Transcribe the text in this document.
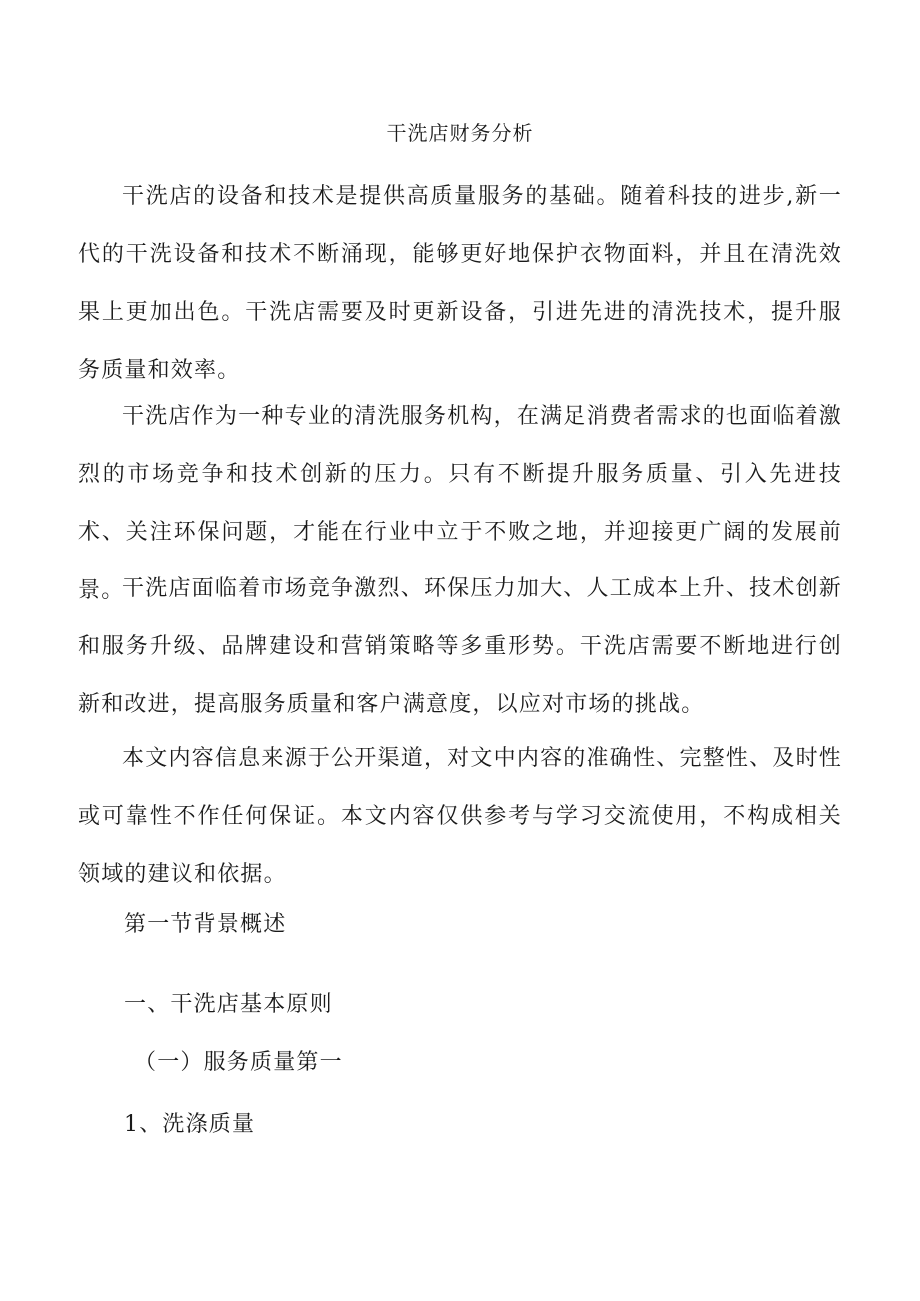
干洗店财务分析

干洗店的设备和技术是提供高质量服务的基础。随着科技的进步,新一代的干洗设备和技术不断涌现，能够更好地保护衣物面料，并且在清洗效果上更加出色。干洗店需要及时更新设备，引进先进的清洗技术，提升服务质量和效率。

干洗店作为一种专业的清洗服务机构，在满足消费者需求的也面临着激烈的市场竞争和技术创新的压力。只有不断提升服务质量、引入先进技术、关注环保问题，才能在行业中立于不败之地，并迎接更广阔的发展前景。

干洗店面临着市场竞争激烈、环保压力加大、人工成本上升、技术创新和服务升级、品牌建设和营销策略等多重形势。干洗店需要不断地进行创新和改进，提高服务质量和客户满意度，以应对市场的挑战。

本文内容信息来源于公开渠道，对文中内容的准确性、完整性、及时性或可靠性不作任何保证。本文内容仅供参考与学习交流使用，不构成相关领域的建议和依据。

第一节背景概述
一、干洗店基本原则
（一）服务质量第一
1、洗涤质量
